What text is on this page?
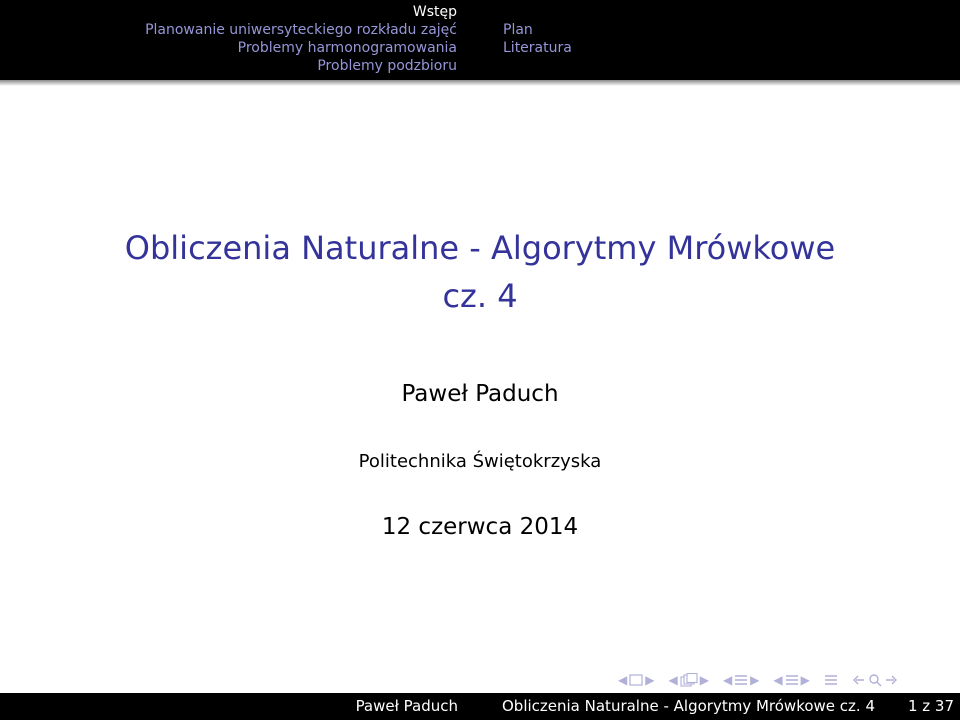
Wstęp
Planowanie uniwersyteckiego rozkładu zajęć
Problemy harmonogramowania
Problemy podzbioru
Plan
Literatura
Obliczenia Naturalne - Algorytmy Mrówkowe
cz. 4
Paweł Paduch
Politechnika Świętokrzyska
12 czerwca 2014
◀ ▶ ◀ ▶ ◀ ▶ ◀ ▶
Paweł Paduch	Obliczenia Naturalne - Algorytmy Mrówkowe cz. 4 1 z 37
